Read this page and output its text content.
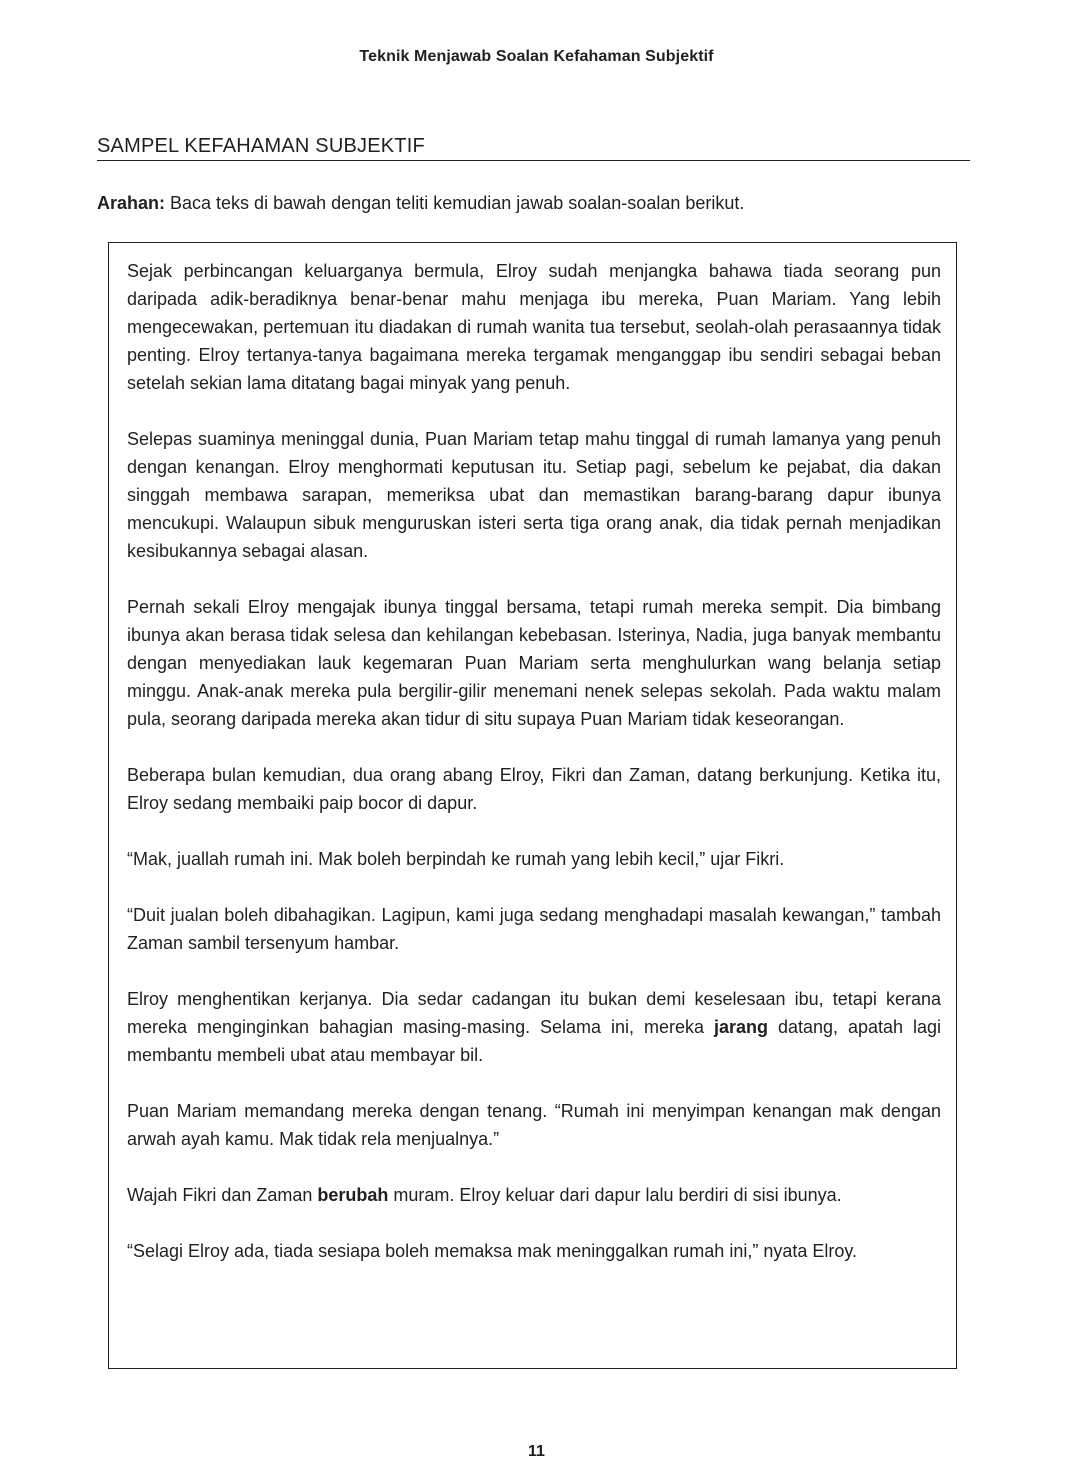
Teknik Menjawab Soalan Kefahaman Subjektif
SAMPEL KEFAHAMAN SUBJEKTIF
Arahan: Baca teks di bawah dengan teliti kemudian jawab soalan-soalan berikut.

Sejak perbincangan keluarganya bermula, Elroy sudah menjangka bahawa tiada seorang pun daripada adik-beradiknya benar-benar mahu menjaga ibu mereka, Puan Mariam. Yang lebih mengecewakan, pertemuan itu diadakan di rumah wanita tua tersebut, seolah-olah perasaannya tidak penting. Elroy tertanya-tanya bagaimana mereka tergamak menganggap ibu sendiri sebagai beban setelah sekian lama ditatang bagai minyak yang penuh.

Selepas suaminya meninggal dunia, Puan Mariam tetap mahu tinggal di rumah lamanya yang penuh dengan kenangan. Elroy menghormati keputusan itu. Setiap pagi, sebelum ke pejabat, dia dakan singgah membawa sarapan, memeriksa ubat dan memastikan barang-barang dapur ibunya mencukupi. Walaupun sibuk menguruskan isteri serta tiga orang anak, dia tidak pernah menjadikan kesibukannya sebagai alasan.

Pernah sekali Elroy mengajak ibunya tinggal bersama, tetapi rumah mereka sempit. Dia bimbang ibunya akan berasa tidak selesa dan kehilangan kebebasan. Isterinya, Nadia, juga banyak membantu dengan menyediakan lauk kegemaran Puan Mariam serta menghulurkan wang belanja setiap minggu. Anak-anak mereka pula bergilir-gilir menemani nenek selepas sekolah. Pada waktu malam pula, seorang daripada mereka akan tidur di situ supaya Puan Mariam tidak keseorangan.

Beberapa bulan kemudian, dua orang abang Elroy, Fikri dan Zaman, datang berkunjung. Ketika itu, Elroy sedang membaiki paip bocor di dapur.

“Mak, juallah rumah ini. Mak boleh berpindah ke rumah yang lebih kecil,” ujar Fikri.

“Duit jualan boleh dibahagikan. Lagipun, kami juga sedang menghadapi masalah kewangan,” tambah Zaman sambil tersenyum hambar.

Elroy menghentikan kerjanya. Dia sedar cadangan itu bukan demi keselesaan ibu, tetapi kerana mereka menginginkan bahagian masing-masing. Selama ini, mereka jarang datang, apatah lagi membantu membeli ubat atau membayar bil.

Puan Mariam memandang mereka dengan tenang. “Rumah ini menyimpan kenangan mak dengan arwah ayah kamu. Mak tidak rela menjualnya.”

Wajah Fikri dan Zaman berubah muram. Elroy keluar dari dapur lalu berdiri di sisi ibunya.

“Selagi Elroy ada, tiada sesiapa boleh memaksa mak meninggalkan rumah ini,” nyata Elroy.

11
